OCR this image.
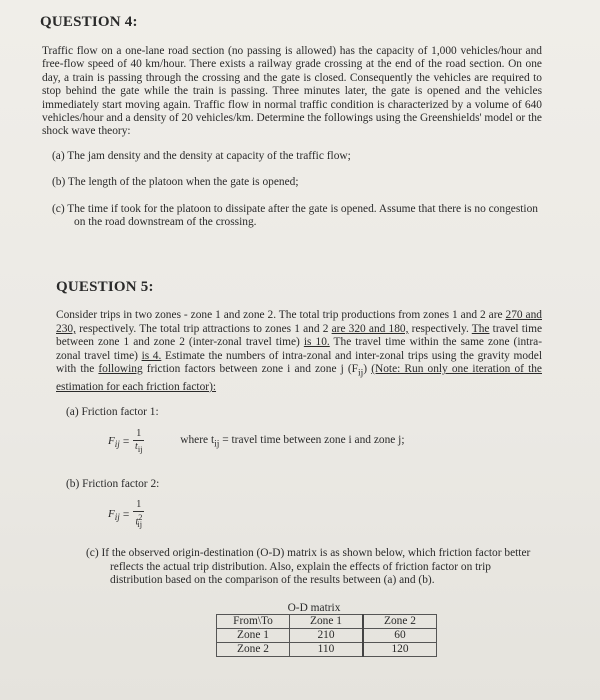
QUESTION 4:

Traffic flow on a one-lane road section (no passing is allowed) has the capacity of 1,000 vehicles/hour and free-flow speed of 40 km/hour. There exists a railway grade crossing at the end of the road section. On one day, a train is passing through the crossing and the gate is closed. Consequently the vehicles are required to stop behind the gate while the train is passing. Three minutes later, the gate is opened and the vehicles immediately start moving again. Traffic flow in normal traffic condition is characterized by a volume of 640 vehicles/hour and a density of 20 vehicles/km. Determine the followings using the Greenshields' model or the shock wave theory:

(a) The jam density and the density at capacity of the traffic flow;

(b) The length of the platoon when the gate is opened;

(c) The time if took for the platoon to dissipate after the gate is opened. Assume that there is no congestion on the road downstream of the crossing.

QUESTION 5:

Consider trips in two zones - zone 1 and zone 2. The total trip productions from zones 1 and 2 are 270 and 230, respectively. The total trip attractions to zones 1 and 2 are 320 and 180, respectively. The travel time between zone 1 and zone 2 (inter-zonal travel time) is 10. The travel time within the same zone (intra-zonal travel time) is 4. Estimate the numbers of intra-zonal and inter-zonal trips using the gravity model with the following friction factors between zone i and zone j $(F_{ij})$ (Note: Run only one iteration of the estimation for each friction factor):

(a) Friction factor 1:

$F_{ij} = \frac{1}{t_{ij}}$	where $t_{ij}$ = travel time between zone i and zone j;

(b) Friction factor 2:

$F_{ij} = \frac{1}{t^2_{ij}}$

(c) If the observed origin-destination (O-D) matrix is as shown below, which friction factor better reflects the actual trip distribution. Also, explain the effects of friction factor on trip distribution based on the comparison of the results between (a) and (b).

O-D matrix
From\To	Zone 1	Zone 2
Zone 1	210	60
Zone 2	110	120
